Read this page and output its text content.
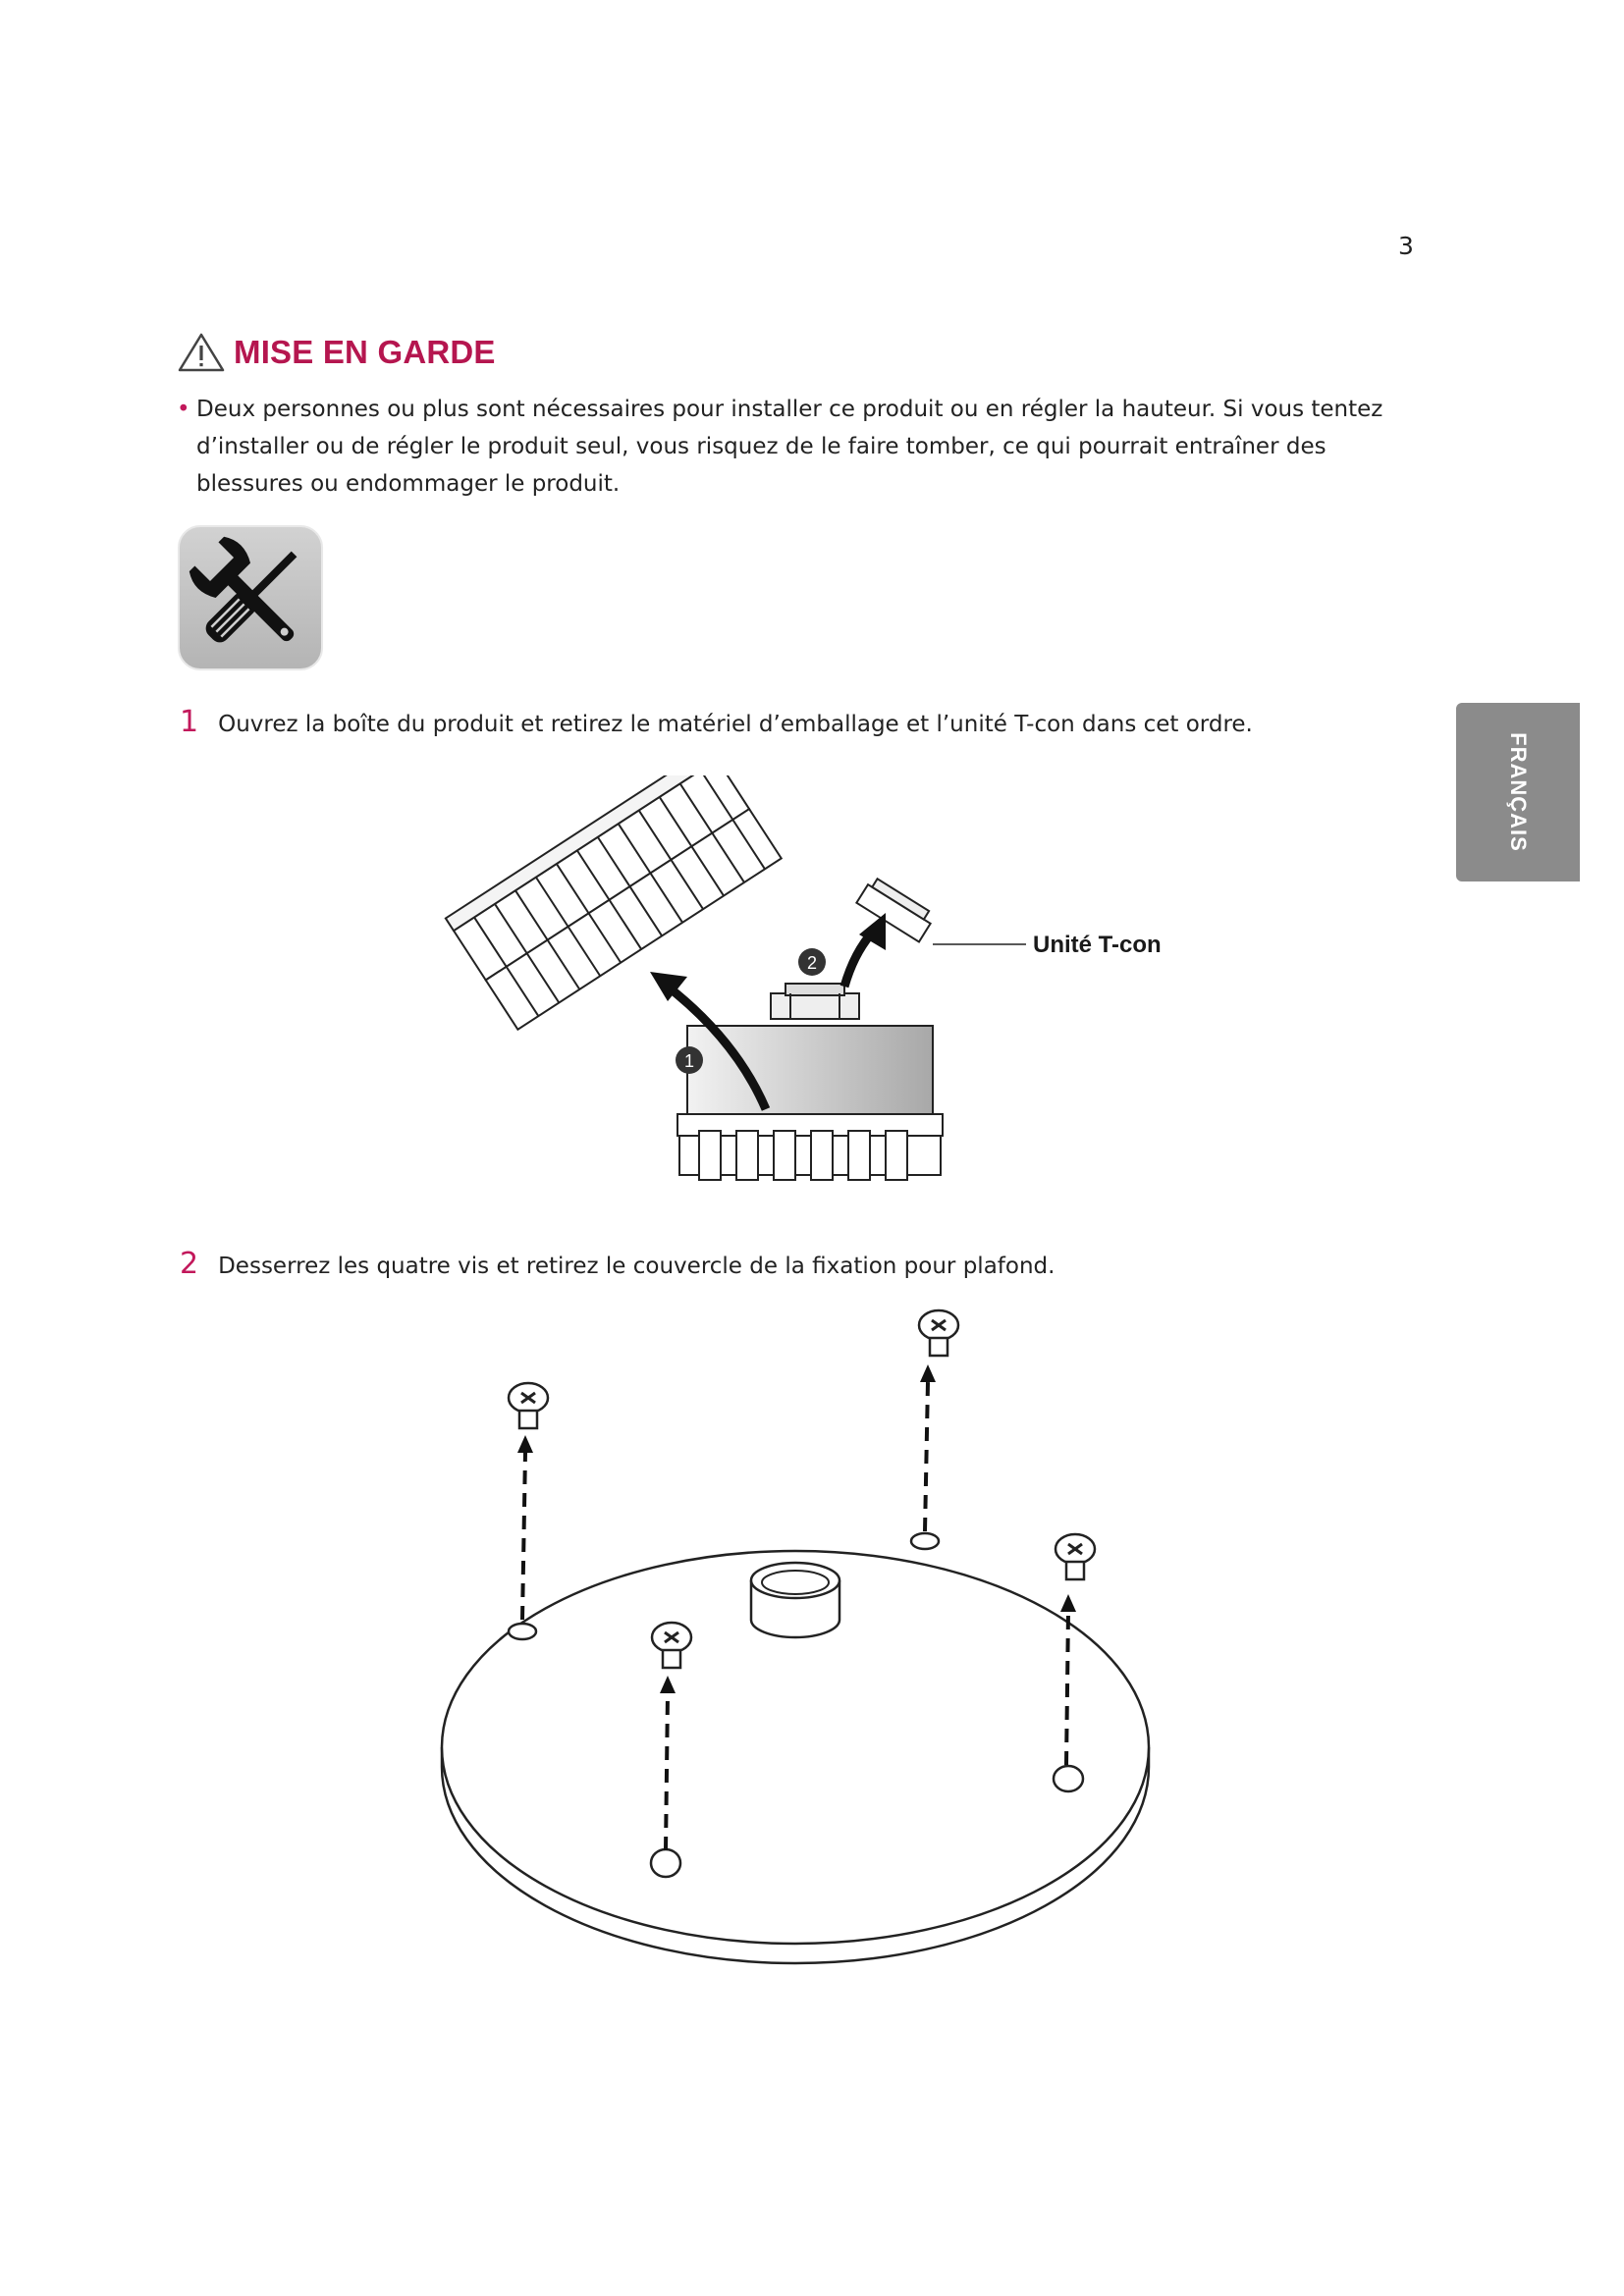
3
MISE EN GARDE
• Deux personnes ou plus sont nécessaires pour installer ce produit ou en régler la hauteur. Si vous tentez d’installer ou de régler le produit seul, vous risquez de le faire tomber, ce qui pourrait entraîner des blessures ou endommager le produit.
1 Ouvrez la boîte du produit et retirez le matériel d’emballage et l’unité T-con dans cet ordre.
Unité T-con
1
2
2 Desserrez les quatre vis et retirez le couvercle de la fixation pour plafond.
FRANÇAIS
